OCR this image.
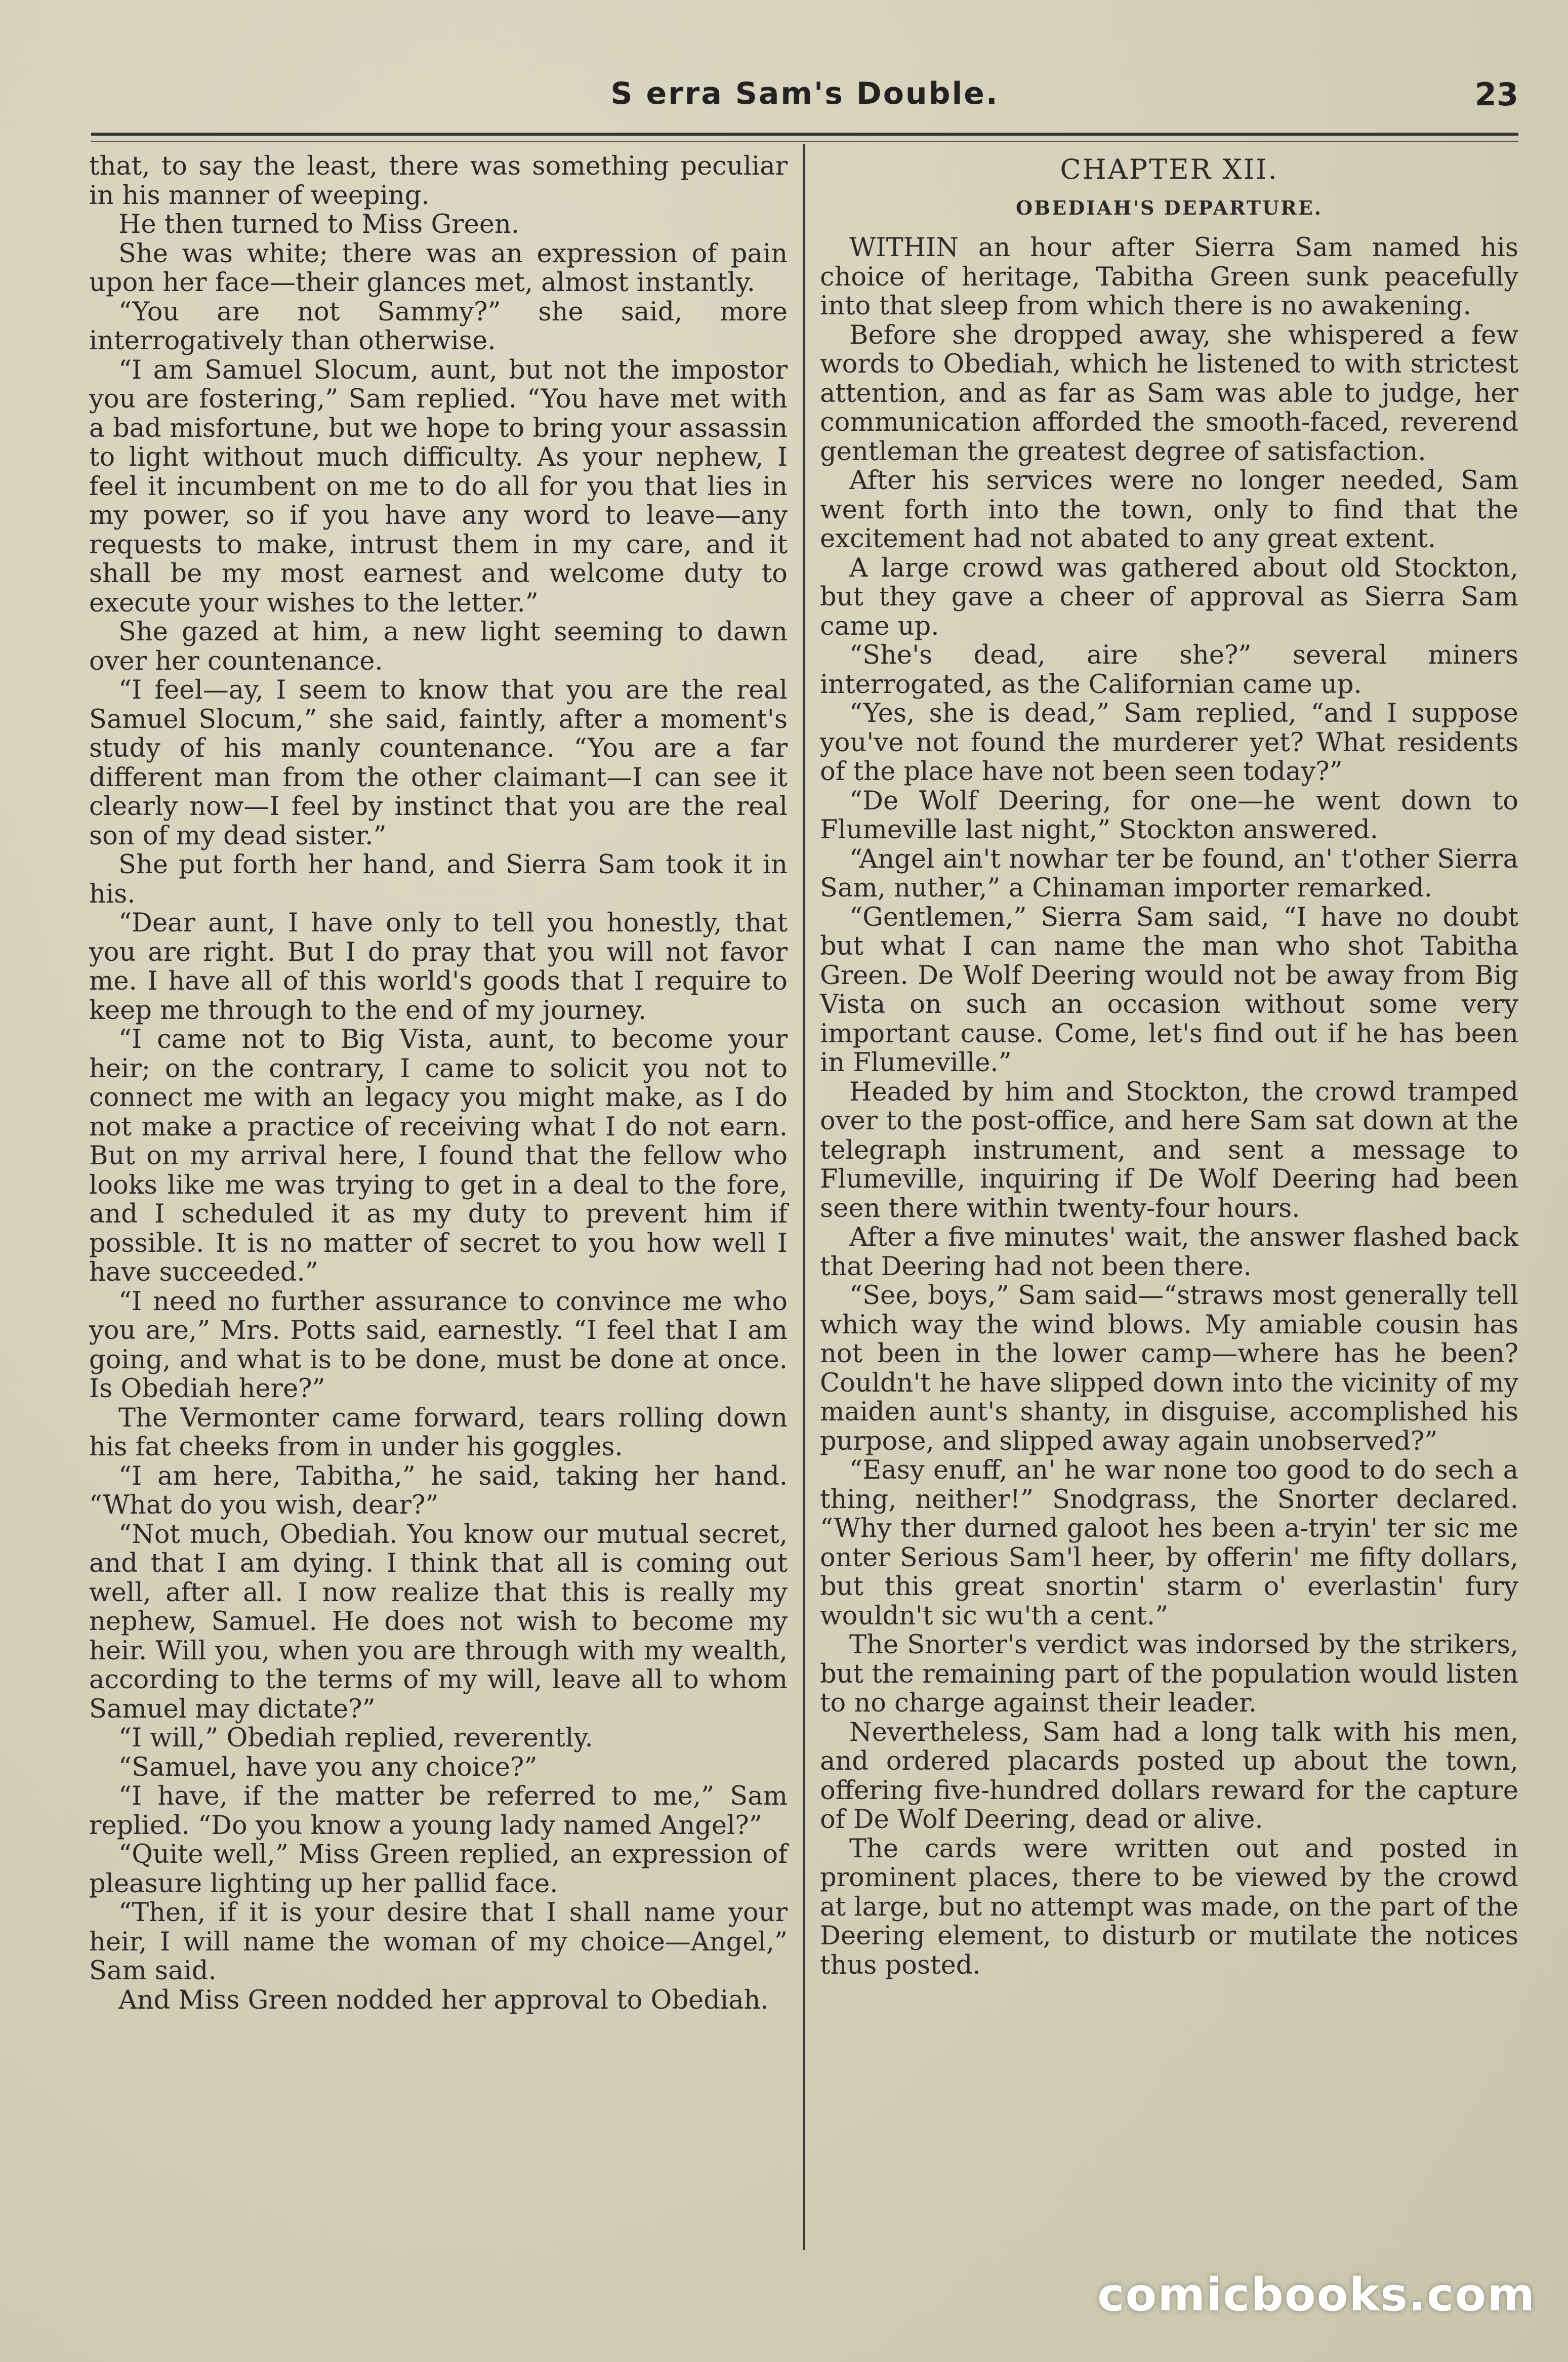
S erra Sam's Double.	23

that, to say the least, there was something peculiar in his manner of weeping.

He then turned to Miss Green.

She was white; there was an expression of pain upon her face—their glances met, almost instantly.

“You are not Sammy?” she said, more interrogatively than otherwise.

“I am Samuel Slocum, aunt, but not the impostor you are fostering,” Sam replied. “You have met with a bad misfortune, but we hope to bring your assassin to light without much difficulty. As your nephew, I feel it incumbent on me to do all for you that lies in my power, so if you have any word to leave—any requests to make, intrust them in my care, and it shall be my most earnest and welcome duty to execute your wishes to the letter.”

She gazed at him, a new light seeming to dawn over her countenance.

“I feel—ay, I seem to know that you are the real Samuel Slocum,” she said, faintly, after a moment's study of his manly countenance. “You are a far different man from the other claimant—I can see it clearly now—I feel by instinct that you are the real son of my dead sister.”

She put forth her hand, and Sierra Sam took it in his.

“Dear aunt, I have only to tell you honestly, that you are right. But I do pray that you will not favor me. I have all of this world's goods that I require to keep me through to the end of my journey.

“I came not to Big Vista, aunt, to become your heir; on the contrary, I came to solicit you not to connect me with an legacy you might make, as I do not make a practice of receiving what I do not earn. But on my arrival here, I found that the fellow who looks like me was trying to get in a deal to the fore, and I scheduled it as my duty to prevent him if possible. It is no matter of secret to you how well I have succeeded.”

“I need no further assurance to convince me who you are,” Mrs. Potts said, earnestly. “I feel that I am going, and what is to be done, must be done at once. Is Obediah here?”

The Vermonter came forward, tears rolling down his fat cheeks from in under his goggles.

“I am here, Tabitha,” he said, taking her hand. “What do you wish, dear?”

“Not much, Obediah. You know our mutual secret, and that I am dying. I think that all is coming out well, after all. I now realize that this is really my nephew, Samuel. He does not wish to become my heir. Will you, when you are through with my wealth, according to the terms of my will, leave all to whom Samuel may dictate?”

“I will,” Obediah replied, reverently.

“Samuel, have you any choice?”

“I have, if the matter be referred to me,” Sam replied. “Do you know a young lady named Angel?”

“Quite well,” Miss Green replied, an expression of pleasure lighting up her pallid face.

“Then, if it is your desire that I shall name your heir, I will name the woman of my choice—Angel,” Sam said.

And Miss Green nodded her approval to Obediah.

CHAPTER XII.
OBEDIAH'S DEPARTURE.

WITHIN an hour after Sierra Sam named his choice of heritage, Tabitha Green sunk peacefully into that sleep from which there is no awakening.

Before she dropped away, she whispered a few words to Obediah, which he listened to with strictest attention, and as far as Sam was able to judge, her communication afforded the smooth-faced, reverend gentleman the greatest degree of satisfaction.

After his services were no longer needed, Sam went forth into the town, only to find that the excitement had not abated to any great extent.

A large crowd was gathered about old Stockton, but they gave a cheer of approval as Sierra Sam came up.

“She's dead, aire she?” several miners interrogated, as the Californian came up.

“Yes, she is dead,” Sam replied, “and I suppose you've not found the murderer yet? What residents of the place have not been seen today?”

“De Wolf Deering, for one—he went down to Flumeville last night,” Stockton answered.

“Angel ain't nowhar ter be found, an' t'other Sierra Sam, nuther,” a Chinaman importer remarked.

“Gentlemen,” Sierra Sam said, “I have no doubt but what I can name the man who shot Tabitha Green. De Wolf Deering would not be away from Big Vista on such an occasion without some very important cause. Come, let's find out if he has been in Flumeville.”

Headed by him and Stockton, the crowd tramped over to the post-office, and here Sam sat down at the telegraph instrument, and sent a message to Flumeville, inquiring if De Wolf Deering had been seen there within twenty-four hours.

After a five minutes' wait, the answer flashed back that Deering had not been there.

“See, boys,” Sam said—“straws most generally tell which way the wind blows. My amiable cousin has not been in the lower camp—where has he been? Couldn't he have slipped down into the vicinity of my maiden aunt's shanty, in disguise, accomplished his purpose, and slipped away again unobserved?”

“Easy enuff, an' he war none too good to do sech a thing, neither!” Snodgrass, the Snorter declared. “Why ther durned galoot hes been a-tryin' ter sic me onter Serious Sam'l heer, by offerin' me fifty dollars, but this great snortin' starm o' everlastin' fury wouldn't sic wu'th a cent.”

The Snorter's verdict was indorsed by the strikers, but the remaining part of the population would listen to no charge against their leader.

Nevertheless, Sam had a long talk with his men, and ordered placards posted up about the town, offering five-hundred dollars reward for the capture of De Wolf Deering, dead or alive.

The cards were written out and posted in prominent places, there to be viewed by the crowd at large, but no attempt was made, on the part of the Deering element, to disturb or mutilate the notices thus posted.

comicbooks.com
